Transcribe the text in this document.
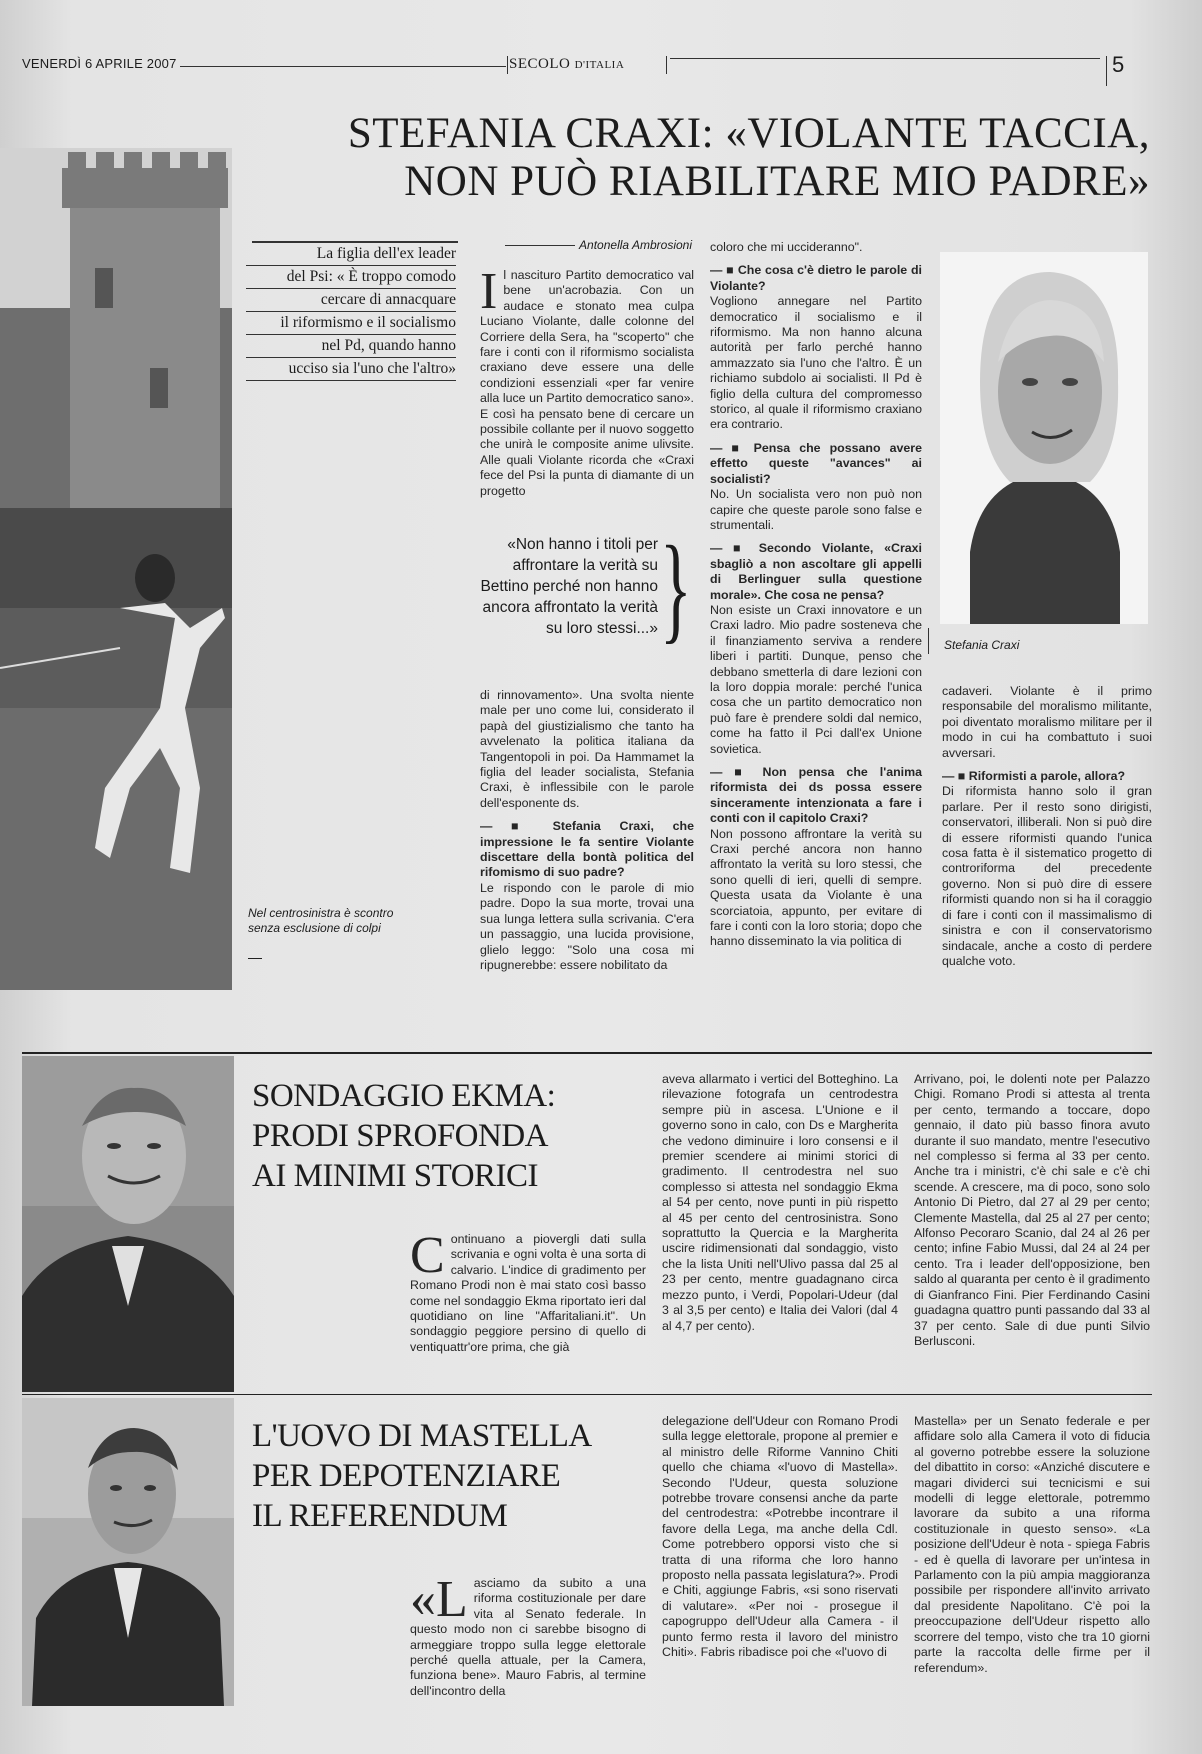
VENERDÌ 6 APRILE 2007	SECOLO D'ITALIA	5
STEFANIA CRAXI: «VIOLANTE TACCIA,
NON PUÒ RIABILITARE MIO PADRE»
La figlia dell'ex leader
del Psi: « È troppo comodo
cercare di annacquare
il riformismo e il socialismo
nel Pd, quando hanno
ucciso sia l'uno che l'altro»
Antonella Ambrosioni
I l nascituro Partito democratico val bene un'acrobazia. Con un audace e stonato mea culpa Luciano Violante, dalle colonne del Corriere della Sera, ha "scoperto" che fare i conti con il riformismo socialista craxiano deve essere una delle condizioni essenziali «per far venire alla luce un Partito democratico sano». E così ha pensato bene di cercare un possibile collante per il nuovo soggetto che unirà le composite anime ulivsite. Alle quali Violante ricorda che «Craxi fece del Psi la punta di diamante di un progetto

«Non hanno i titoli per affrontare la verità su Bettino perché non hanno ancora affrontato la verità su loro stessi...» }

di rinnovamento». Una svolta niente male per uno come lui, considerato il papà del giustizialismo che tanto ha avvelenato la politica italiana da Tangentopoli in poi. Da Hammamet la figlia del leader socialista, Stefania Craxi, è inflessibile con le parole dell'esponente ds.

— ■ Stefania Craxi, che impressione le fa sentire Violante discettare della bontà politica del rifomismo di suo padre?

Le rispondo con le parole di mio padre. Dopo la sua morte, trovai una sua lunga lettera sulla scrivania. C'era un passaggio, una lucida provisione, glielo leggo: "Solo una cosa mi ripugnerebbe: essere nobilitato da

coloro che mi uccideranno".

— ■ Che cosa c'è dietro le parole di Violante?

Vogliono annegare nel Partito democratico il socialismo e il riformismo. Ma non hanno alcuna autorità per farlo perché hanno ammazzato sia l'uno che l'altro. È un richiamo subdolo ai socialisti. Il Pd è figlio della cultura del compromesso storico, al quale il riformismo craxiano era contrario.

— ■ Pensa che possano avere effetto queste "avances" ai socialisti?

No. Un socialista vero non può non capire che queste parole sono false e strumentali.

— ■ Secondo Violante, «Craxi sbagliò a non ascoltare gli appelli di Berlinguer sulla questione morale». Che cosa ne pensa?

Non esiste un Craxi innovatore e un Craxi ladro. Mio padre sosteneva che il finanziamento serviva a rendere liberi i partiti. Dunque, penso che debbano smetterla di dare lezioni con la loro doppia morale: perché l'unica cosa che un partito democratico non può fare è prendere soldi dal nemico, come ha fatto il Pci dall'ex Unione sovietica.

— ■ Non pensa che l'anima riformista dei ds possa essere sinceramente intenzionata a fare i conti con il capitolo Craxi?

Non possono affrontare la verità su Craxi perché ancora non hanno affrontato la verità su loro stessi, che sono quelli di ieri, quelli di sempre. Questa usata da Violante è una scorciatoia, appunto, per evitare di fare i conti con la loro storia; dopo che hanno disseminato la via politica di

Stefania Craxi

cadaveri. Violante è il primo responsabile del moralismo militante, poi diventato moralismo militare per il modo in cui ha combattuto i suoi avversari.

— ■ Riformisti a parole, allora?

Di riformista hanno solo il gran parlare. Per il resto sono dirigisti, conservatori, illiberali. Non si può dire di essere riformisti quando l'unica cosa fatta è il sistematico progetto di controriforma del precedente governo. Non si può dire di essere riformisti quando non si ha il coraggio di fare i conti con il massimalismo di sinistra e con il conservatorismo sindacale, anche a costo di perdere qualche voto.

Nel centrosinistra è scontro senza esclusione di colpi
SONDAGGIO EKMA:
PRODI SPROFONDA
AI MINIMI STORICI
C ontinuano a piovergli dati sulla scrivania e ogni volta è una sorta di calvario. L'indice di gradimento per Romano Prodi non è mai stato così basso come nel sondaggio Ekma riportato ieri dal quotidiano on line "Affaritaliani.it". Un sondaggio peggiore persino di quello di ventiquattr'ore prima, che già

aveva allarmato i vertici del Botteghino. La rilevazione fotografa un centrodestra sempre più in ascesa. L'Unione e il governo sono in calo, con Ds e Margherita che vedono diminuire i loro consensi e il premier scendere ai minimi storici di gradimento. Il centrodestra nel suo complesso si attesta nel sondaggio Ekma al 54 per cento, nove punti in più rispetto al 45 per cento del centrosinistra. Sono soprattutto la Quercia e la Margherita uscire ridimensionati dal sondaggio, visto che la lista Uniti nell'Ulivo passa dal 25 al 23 per cento, mentre guadagnano circa mezzo punto, i Verdi, Popolari-Udeur (dal 3 al 3,5 per cento) e Italia dei Valori (dal 4 al 4,7 per cento).

Arrivano, poi, le dolenti note per Palazzo Chigi. Romano Prodi si attesta al trenta per cento, termando a toccare, dopo gennaio, il dato più basso finora avuto durante il suo mandato, mentre l'esecutivo nel complesso si ferma al 33 per cento. Anche tra i ministri, c'è chi sale e c'è chi scende. A crescere, ma di poco, sono solo Antonio Di Pietro, dal 27 al 29 per cento; Clemente Mastella, dal 25 al 27 per cento; Alfonso Pecoraro Scanio, dal 24 al 26 per cento; infine Fabio Mussi, dal 24 al 24 per cento. Tra i leader dell'opposizione, ben saldo al quaranta per cento è il gradimento di Gianfranco Fini. Pier Ferdinando Casini guadagna quattro punti passando dal 33 al 37 per cento. Sale di due punti Silvio Berlusconi.

L'UOVO DI MASTELLA
PER DEPOTENZIARE
IL REFERENDUM
«L asciamo da subito a una riforma costituzionale per dare vita al Senato federale. In questo modo non ci sarebbe bisogno di armeggiare troppo sulla legge elettorale perché quella attuale, per la Camera, funziona bene». Mauro Fabris, al termine dell'incontro della

delegazione dell'Udeur con Romano Prodi sulla legge elettorale, propone al premier e al ministro delle Riforme Vannino Chiti quello che chiama «l'uovo di Mastella». Secondo l'Udeur, questa soluzione potrebbe trovare consensi anche da parte del centrodestra: «Potrebbe incontrare il favore della Lega, ma anche della Cdl. Come potrebbero opporsi visto che si tratta di una riforma che loro hanno proposto nella passata legislatura?». Prodi e Chiti, aggiunge Fabris, «si sono riservati di valutare». «Per noi - prosegue il capogruppo dell'Udeur alla Camera - il punto fermo resta il lavoro del ministro Chiti». Fabris ribadisce poi che «l'uovo di

Mastella» per un Senato federale e per affidare solo alla Camera il voto di fiducia al governo potrebbe essere la soluzione del dibattito in corso: «Anziché discutere e magari dividerci sui tecnicismi e sui modelli di legge elettorale, potremmo lavorare da subito a una riforma costituzionale in questo senso». «La posizione dell'Udeur è nota - spiega Fabris - ed è quella di lavorare per un'intesa in Parlamento con la più ampia maggioranza possibile per rispondere all'invito arrivato dal presidente Napolitano. C'è poi la preoccupazione dell'Udeur rispetto allo scorrere del tempo, visto che tra 10 giorni parte la raccolta delle firme per il referendum».
